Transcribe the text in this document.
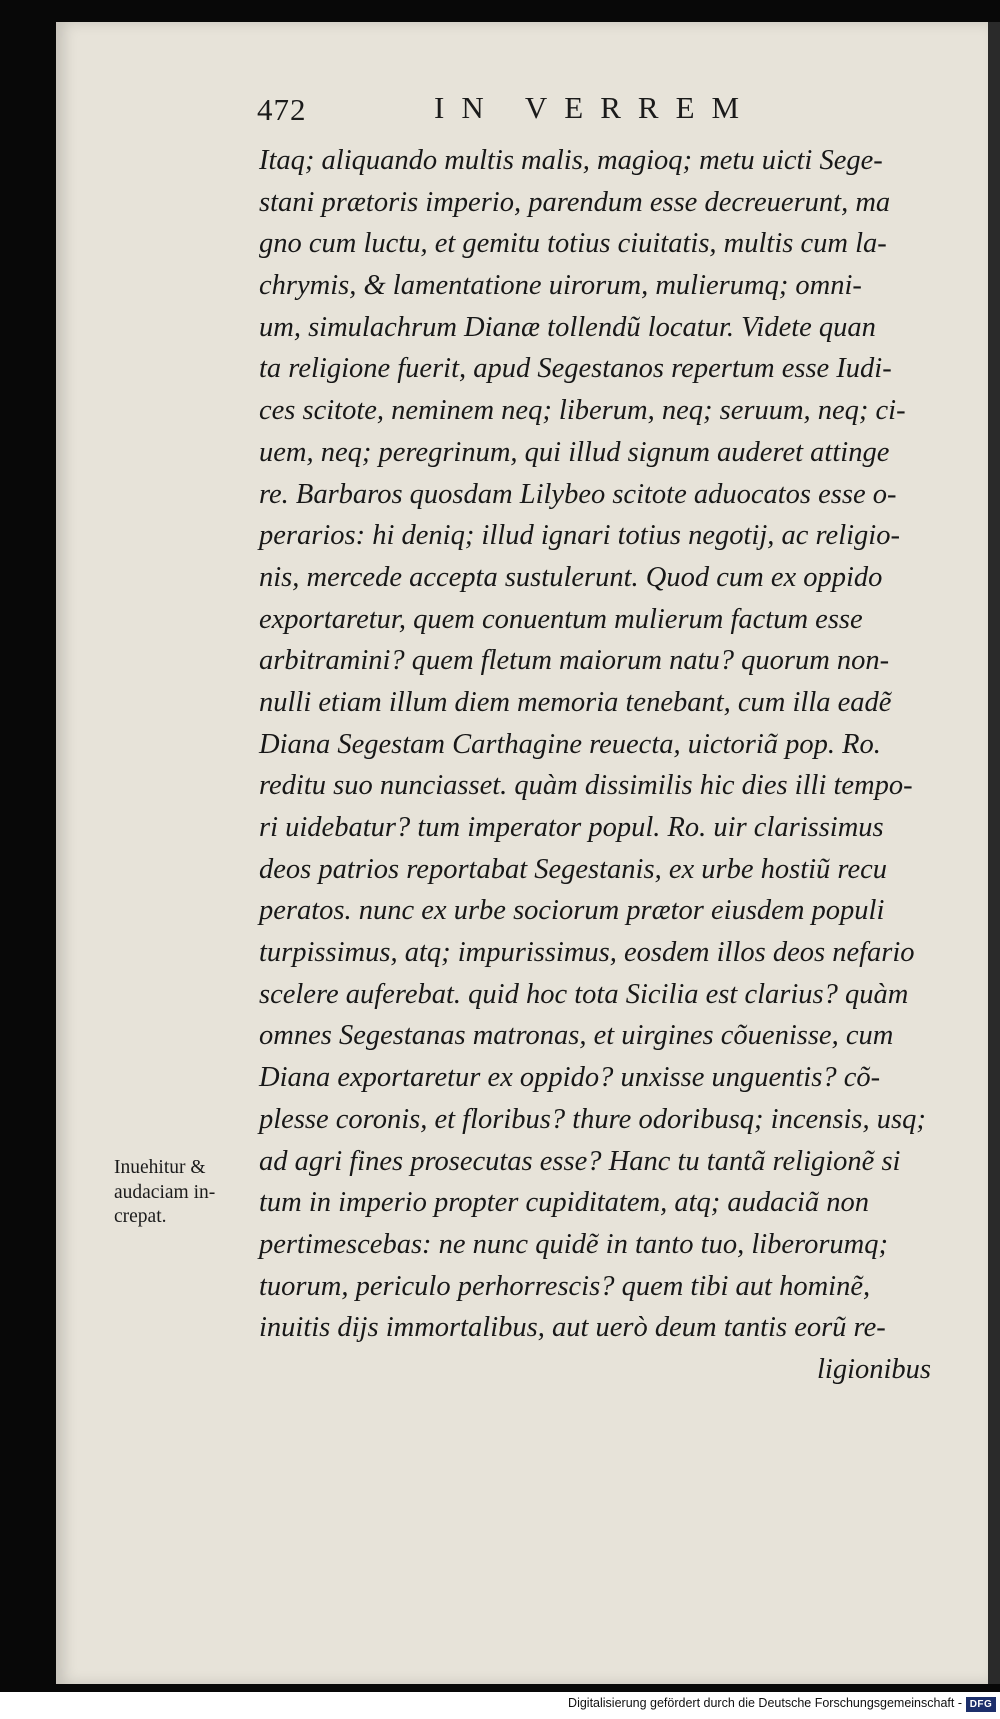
472	IN VERREM
Itaq; aliquando multis malis, magioq; metu uicti Sege-
stani prætoris imperio, parendum esse decreuerunt, ma
gno cum luctu, et gemitu totius ciuitatis, multis cum la-
chrymis, & lamentatione uirorum, mulierumq; omni-
um, simulachrum Dianæ tollendũ locatur. Videte quan
ta religione fuerit, apud Segestanos repertum esse Iudi-
ces scitote, neminem neq; liberum, neq; seruum, neq; ci-
uem, neq; peregrinum, qui illud signum auderet attinge
re. Barbaros quosdam Lilybeo scitote aduocatos esse o-
perarios: hi deniq; illud ignari totius negotij, ac religio-
nis, mercede accepta sustulerunt. Quod cum ex oppido
exportaretur, quem conuentum mulierum factum esse
arbitramini? quem fletum maiorum natu? quorum non-
nulli etiam illum diem memoria tenebant, cum illa eadẽ
Diana Segestam Carthagine reuecta, uictoriã pop. Ro.
reditu suo nunciasset. quàm dissimilis hic dies illi tempo-
ri uidebatur? tum imperator popul. Ro. uir clarissimus
deos patrios reportabat Segestanis, ex urbe hostiũ recu
peratos. nunc ex urbe sociorum prætor eiusdem populi
turpissimus, atq; impurissimus, eosdem illos deos nefario
scelere auferebat. quid hoc tota Sicilia est clarius? quàm
omnes Segestanas matronas, et uirgines cõuenisse, cum
Diana exportaretur ex oppido? unxisse unguentis? cõ-
plesse coronis, et floribus? thure odoribusq; incensis, usq;
ad agri fines prosecutas esse? Hanc tu tantã religionẽ si
tum in imperio propter cupiditatem, atq; audaciã non
pertimescebas: ne nunc quidẽ in tanto tuo, liberorumq;
tuorum, periculo perhorrescis? quem tibi aut hominẽ,
inuitis dijs immortalibus, aut uerò deum tantis eorũ re-
ligionibus
Inuehitur &
audaciam in-
crepat.
Digitalisierung gefördert durch die Deutsche Forschungsgemeinschaft - DFG
